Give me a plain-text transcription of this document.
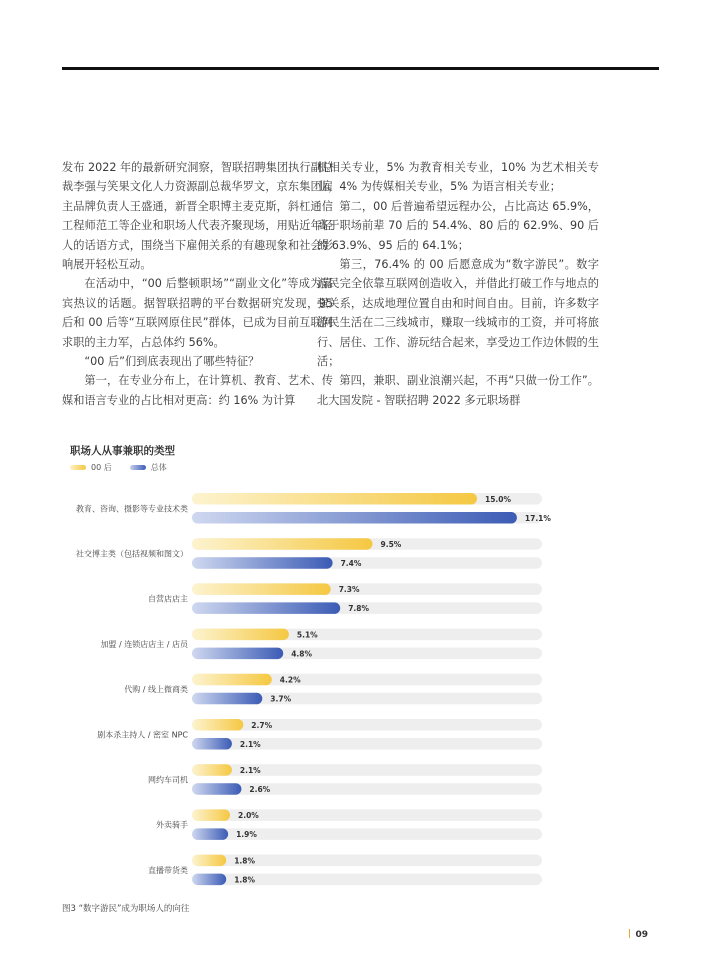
发布 2022 年的最新研究洞察，智联招聘集团执行副总裁李强与笑果文化人力资源副总裁华罗文，京东集团雇主品牌负责人王盛通，新晋全职博主麦克斯，斜杠通信工程师范工等企业和职场人代表齐聚现场，用贴近年轻人的话语方式，围绕当下雇佣关系的有趣现象和社会影响展开轻松互动。

在活动中，“00 后整顿职场”“副业文化”等成为嘉宾热议的话题。据智联招聘的平台数据研究发现，95 后和 00 后等“互联网原住民”群体，已成为目前互联网求职的主力军，占总体约 56%。

“00 后”们到底表现出了哪些特征？

第一，在专业分布上，在计算机、教育、艺术、传媒和语言专业的占比相对更高：约 16% 为计算

机相关专业，5% 为教育相关专业，10% 为艺术相关专业，4% 为传媒相关专业，5% 为语言相关专业；

第二，00 后普遍希望远程办公，占比高达 65.9%，高于职场前辈 70 后的 54.4%、80 后的 62.9%、90 后的 63.9%、95 后的 64.1%；

第三，76.4% 的 00 后愿意成为“数字游民”。数字游民完全依靠互联网创造收入，并借此打破工作与地点的强关系，达成地理位置自由和时间自由。目前，许多数字游民生活在二三线城市，赚取一线城市的工资，并可将旅行、居住、工作、游玩结合起来，享受边工作边休假的生活；

第四，兼职、副业浪潮兴起，不再“只做一份工作”。北大国发院 - 智联招聘 2022 多元职场群

职场人从事兼职的类型
00 后	总体
教育、咨询、摄影等专业技术类
15.0%
17.1%
社交博主类（包括视频和图文）
9.5%
7.4%
自营店店主
7.3%
7.8%
加盟 / 连锁店店主 / 店员
5.1%
4.8%
代购 / 线上微商类
4.2%
3.7%
剧本杀主持人 / 密室 NPC
2.7%
2.1%
网约车司机
2.1%
2.6%
外卖骑手
2.0%
1.9%
直播带货类
1.8%
1.8%
图3 “数字游民”成为职场人的向往
09
